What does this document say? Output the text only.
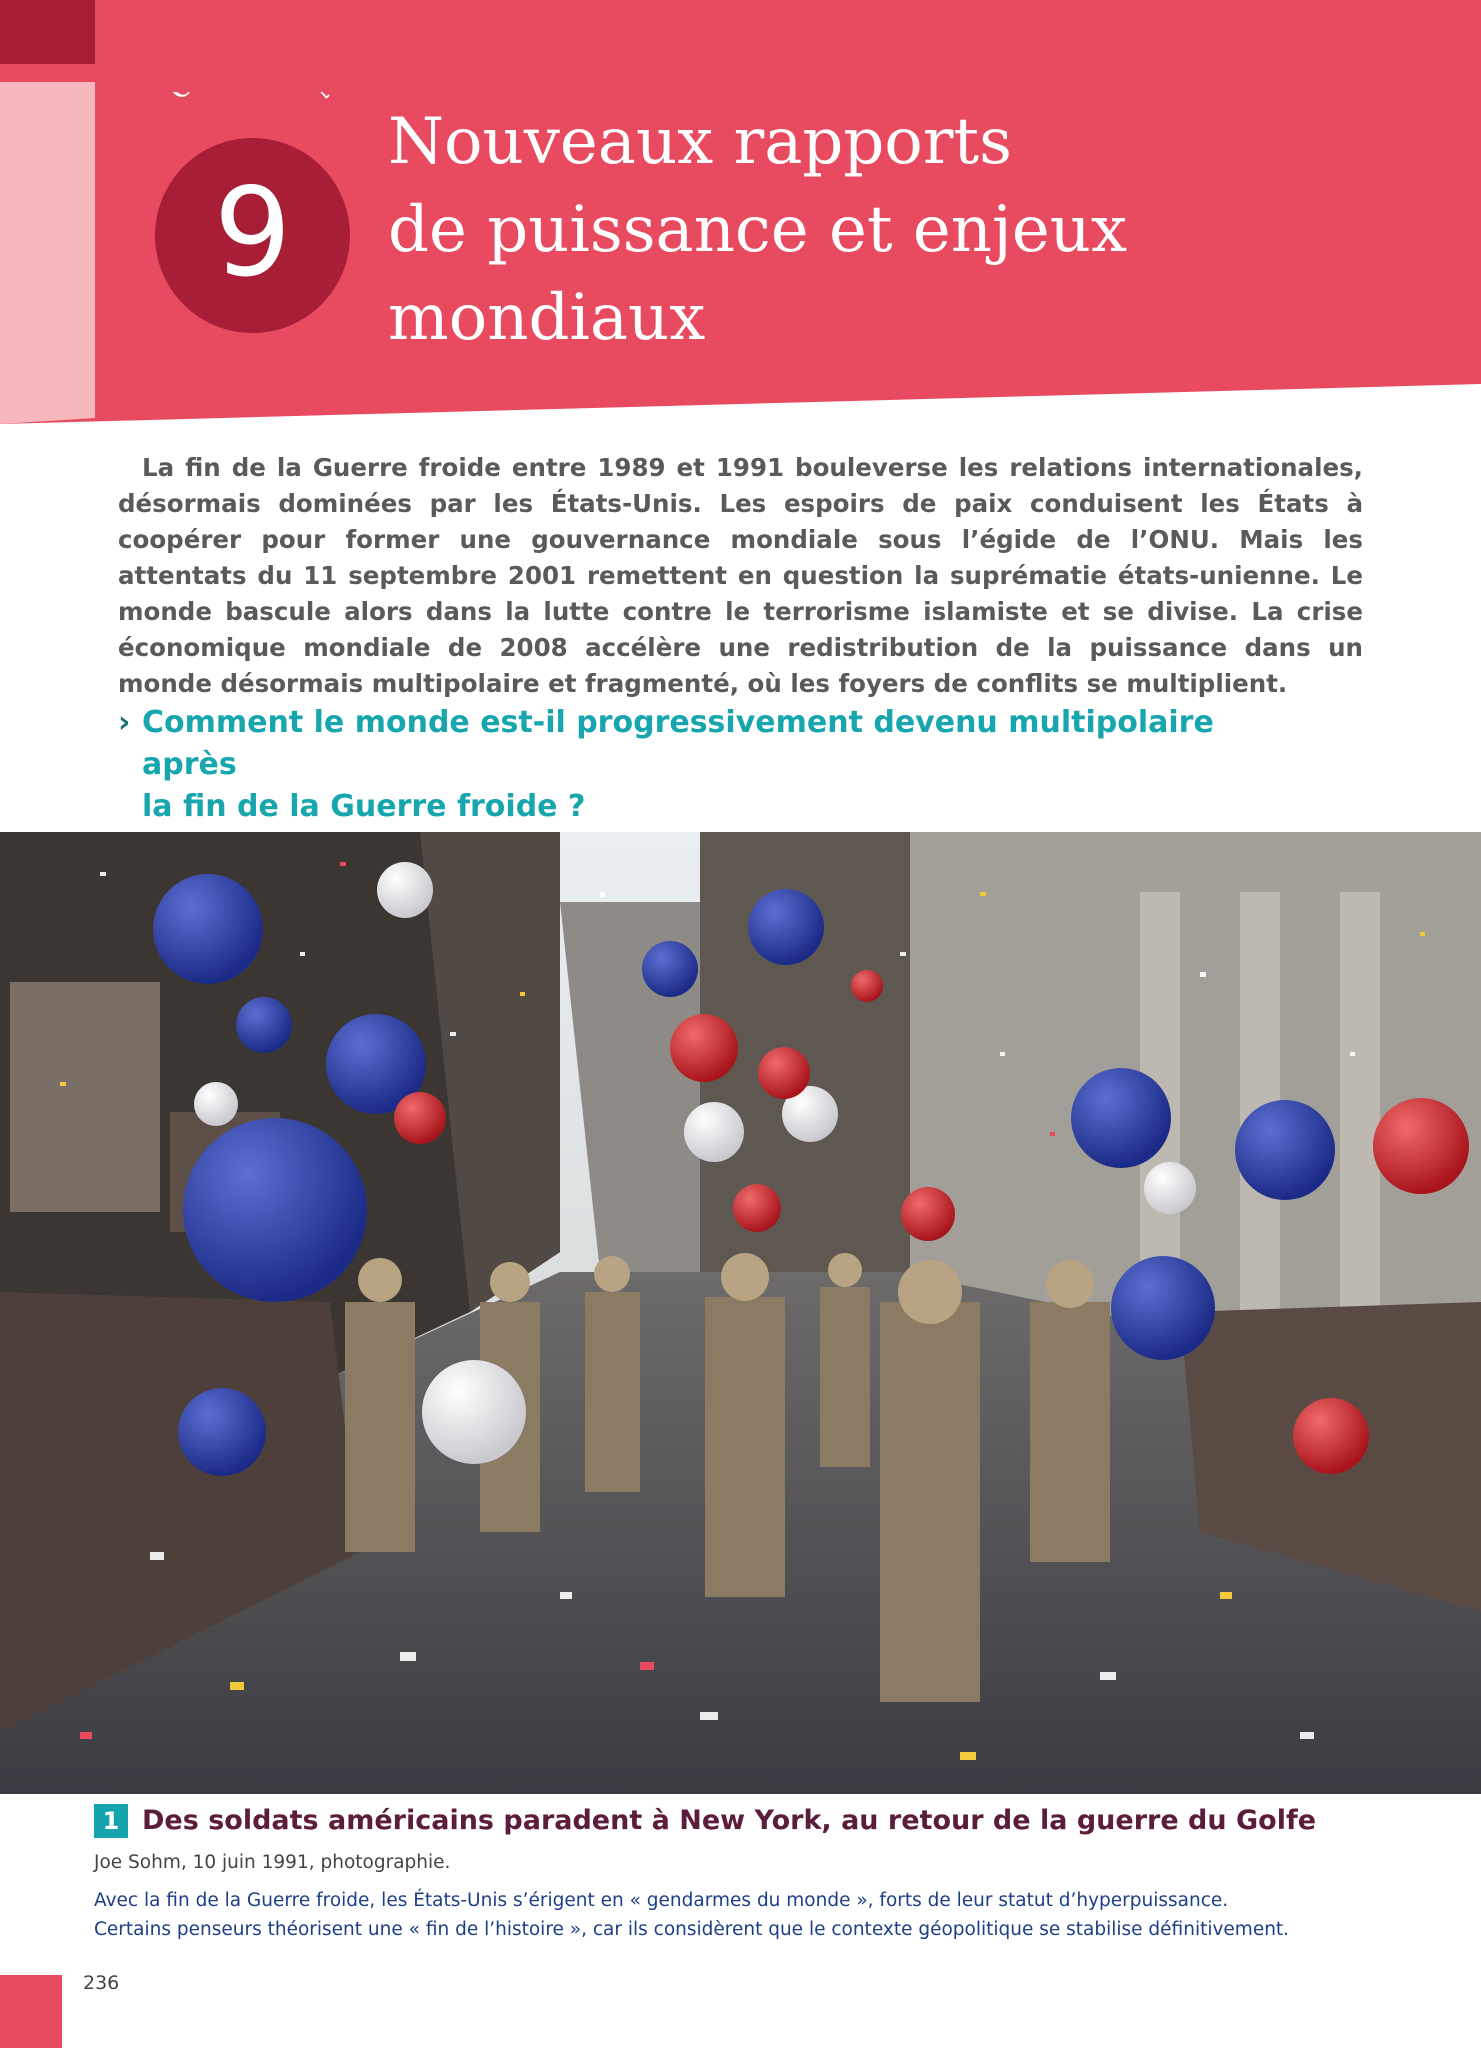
9
Nouveaux rapports
de puissance et enjeux
mondiaux

La fin de la Guerre froide entre 1989 et 1991 bouleverse les relations internationales, désormais dominées par les États-Unis. Les espoirs de paix conduisent les États à coopérer pour former une gouvernance mondiale sous l’égide de l’ONU. Mais les attentats du 11 septembre 2001 remettent en question la suprématie états-unienne. Le monde bascule alors dans la lutte contre le terrorisme islamiste et se divise. La crise économique mondiale de 2008 accélère une redistribution de la puissance dans un monde désormais multipolaire et fragmenté, où les foyers de conflits se multiplient.

› Comment le monde est-il progressivement devenu multipolaire après
la fin de la Guerre froide ?
1 Des soldats américains paradent à New York, au retour de la guerre du Golfe
Joe Sohm, 10 juin 1991, photographie.
Avec la fin de la Guerre froide, les États-Unis s’érigent en « gendarmes du monde », forts de leur statut d’hyperpuissance.
Certains penseurs théorisent une « fin de l’histoire », car ils considèrent que le contexte géopolitique se stabilise définitivement.
236
